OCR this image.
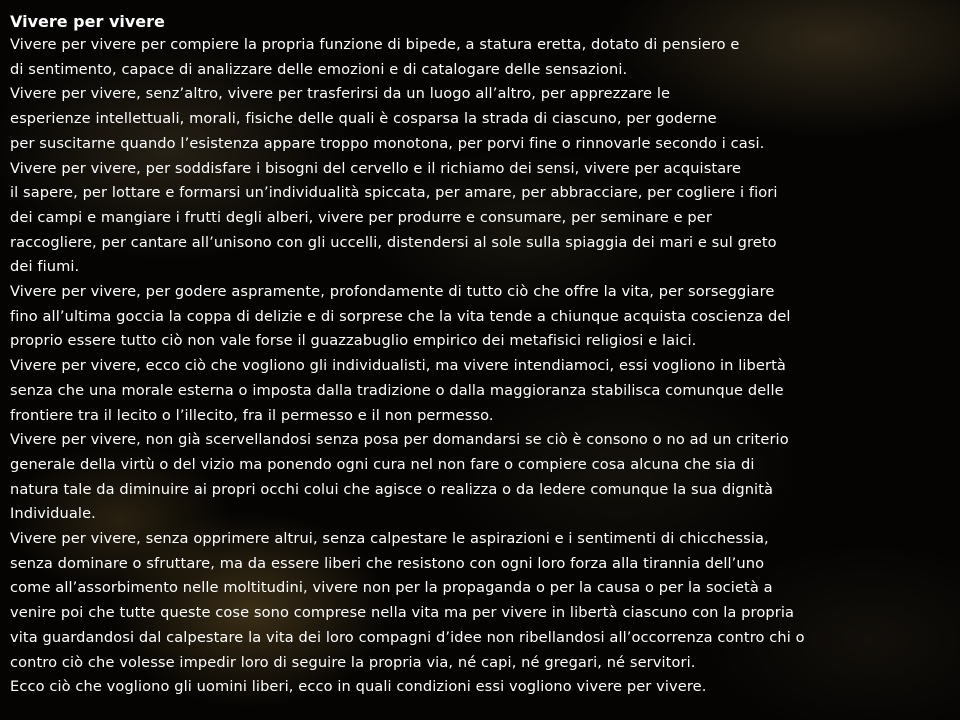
Vivere per vivere
Vivere per vivere per compiere la propria funzione di bipede, a statura eretta, dotato di pensiero e
di sentimento, capace di analizzare delle emozioni e di catalogare delle sensazioni.
Vivere per vivere, senz’altro, vivere per trasferirsi da un luogo all’altro, per apprezzare le
esperienze intellettuali, morali, fisiche delle quali è cosparsa la strada di ciascuno, per goderne
per suscitarne quando l’esistenza appare troppo monotona, per porvi fine o rinnovarle secondo i casi.
Vivere per vivere, per soddisfare i bisogni del cervello e il richiamo dei sensi, vivere per acquistare
il sapere, per lottare e formarsi un’individualità spiccata, per amare, per abbracciare, per cogliere i fiori
dei campi e mangiare i frutti degli alberi, vivere per produrre e consumare, per seminare e per
raccogliere, per cantare all’unisono con gli uccelli, distendersi al sole sulla spiaggia dei mari e sul greto
dei fiumi.
Vivere per vivere, per godere aspramente, profondamente di tutto ciò che offre la vita, per sorseggiare
fino all’ultima goccia la coppa di delizie e di sorprese che la vita tende a chiunque acquista coscienza del
proprio essere tutto ciò non vale forse il guazzabuglio empirico dei metafisici religiosi e laici.
Vivere per vivere, ecco ciò che vogliono gli individualisti, ma vivere intendiamoci, essi vogliono in libertà
senza che una morale esterna o imposta dalla tradizione o dalla maggioranza stabilisca comunque delle
frontiere tra il lecito o l’illecito, fra il permesso e il non permesso.
Vivere per vivere, non già scervellandosi senza posa per domandarsi se ciò è consono o no ad un criterio
generale della virtù o del vizio ma ponendo ogni cura nel non fare o compiere cosa alcuna che sia di
natura tale da diminuire ai propri occhi colui che agisce o realizza o da ledere comunque la sua dignità
Individuale.
Vivere per vivere, senza opprimere altrui, senza calpestare le aspirazioni e i sentimenti di chicchessia,
senza dominare o sfruttare, ma da essere liberi che resistono con ogni loro forza alla tirannia dell’uno
come all’assorbimento nelle moltitudini, vivere non per la propaganda o per la causa o per la società a
venire poi che tutte queste cose sono comprese nella vita ma per vivere in libertà ciascuno con la propria
vita guardandosi dal calpestare la vita dei loro compagni d’idee non ribellandosi all’occorrenza contro chi o
contro ciò che volesse impedir loro di seguire la propria via, né capi, né gregari, né servitori.
Ecco ciò che vogliono gli uomini liberi, ecco in quali condizioni essi vogliono vivere per vivere.
